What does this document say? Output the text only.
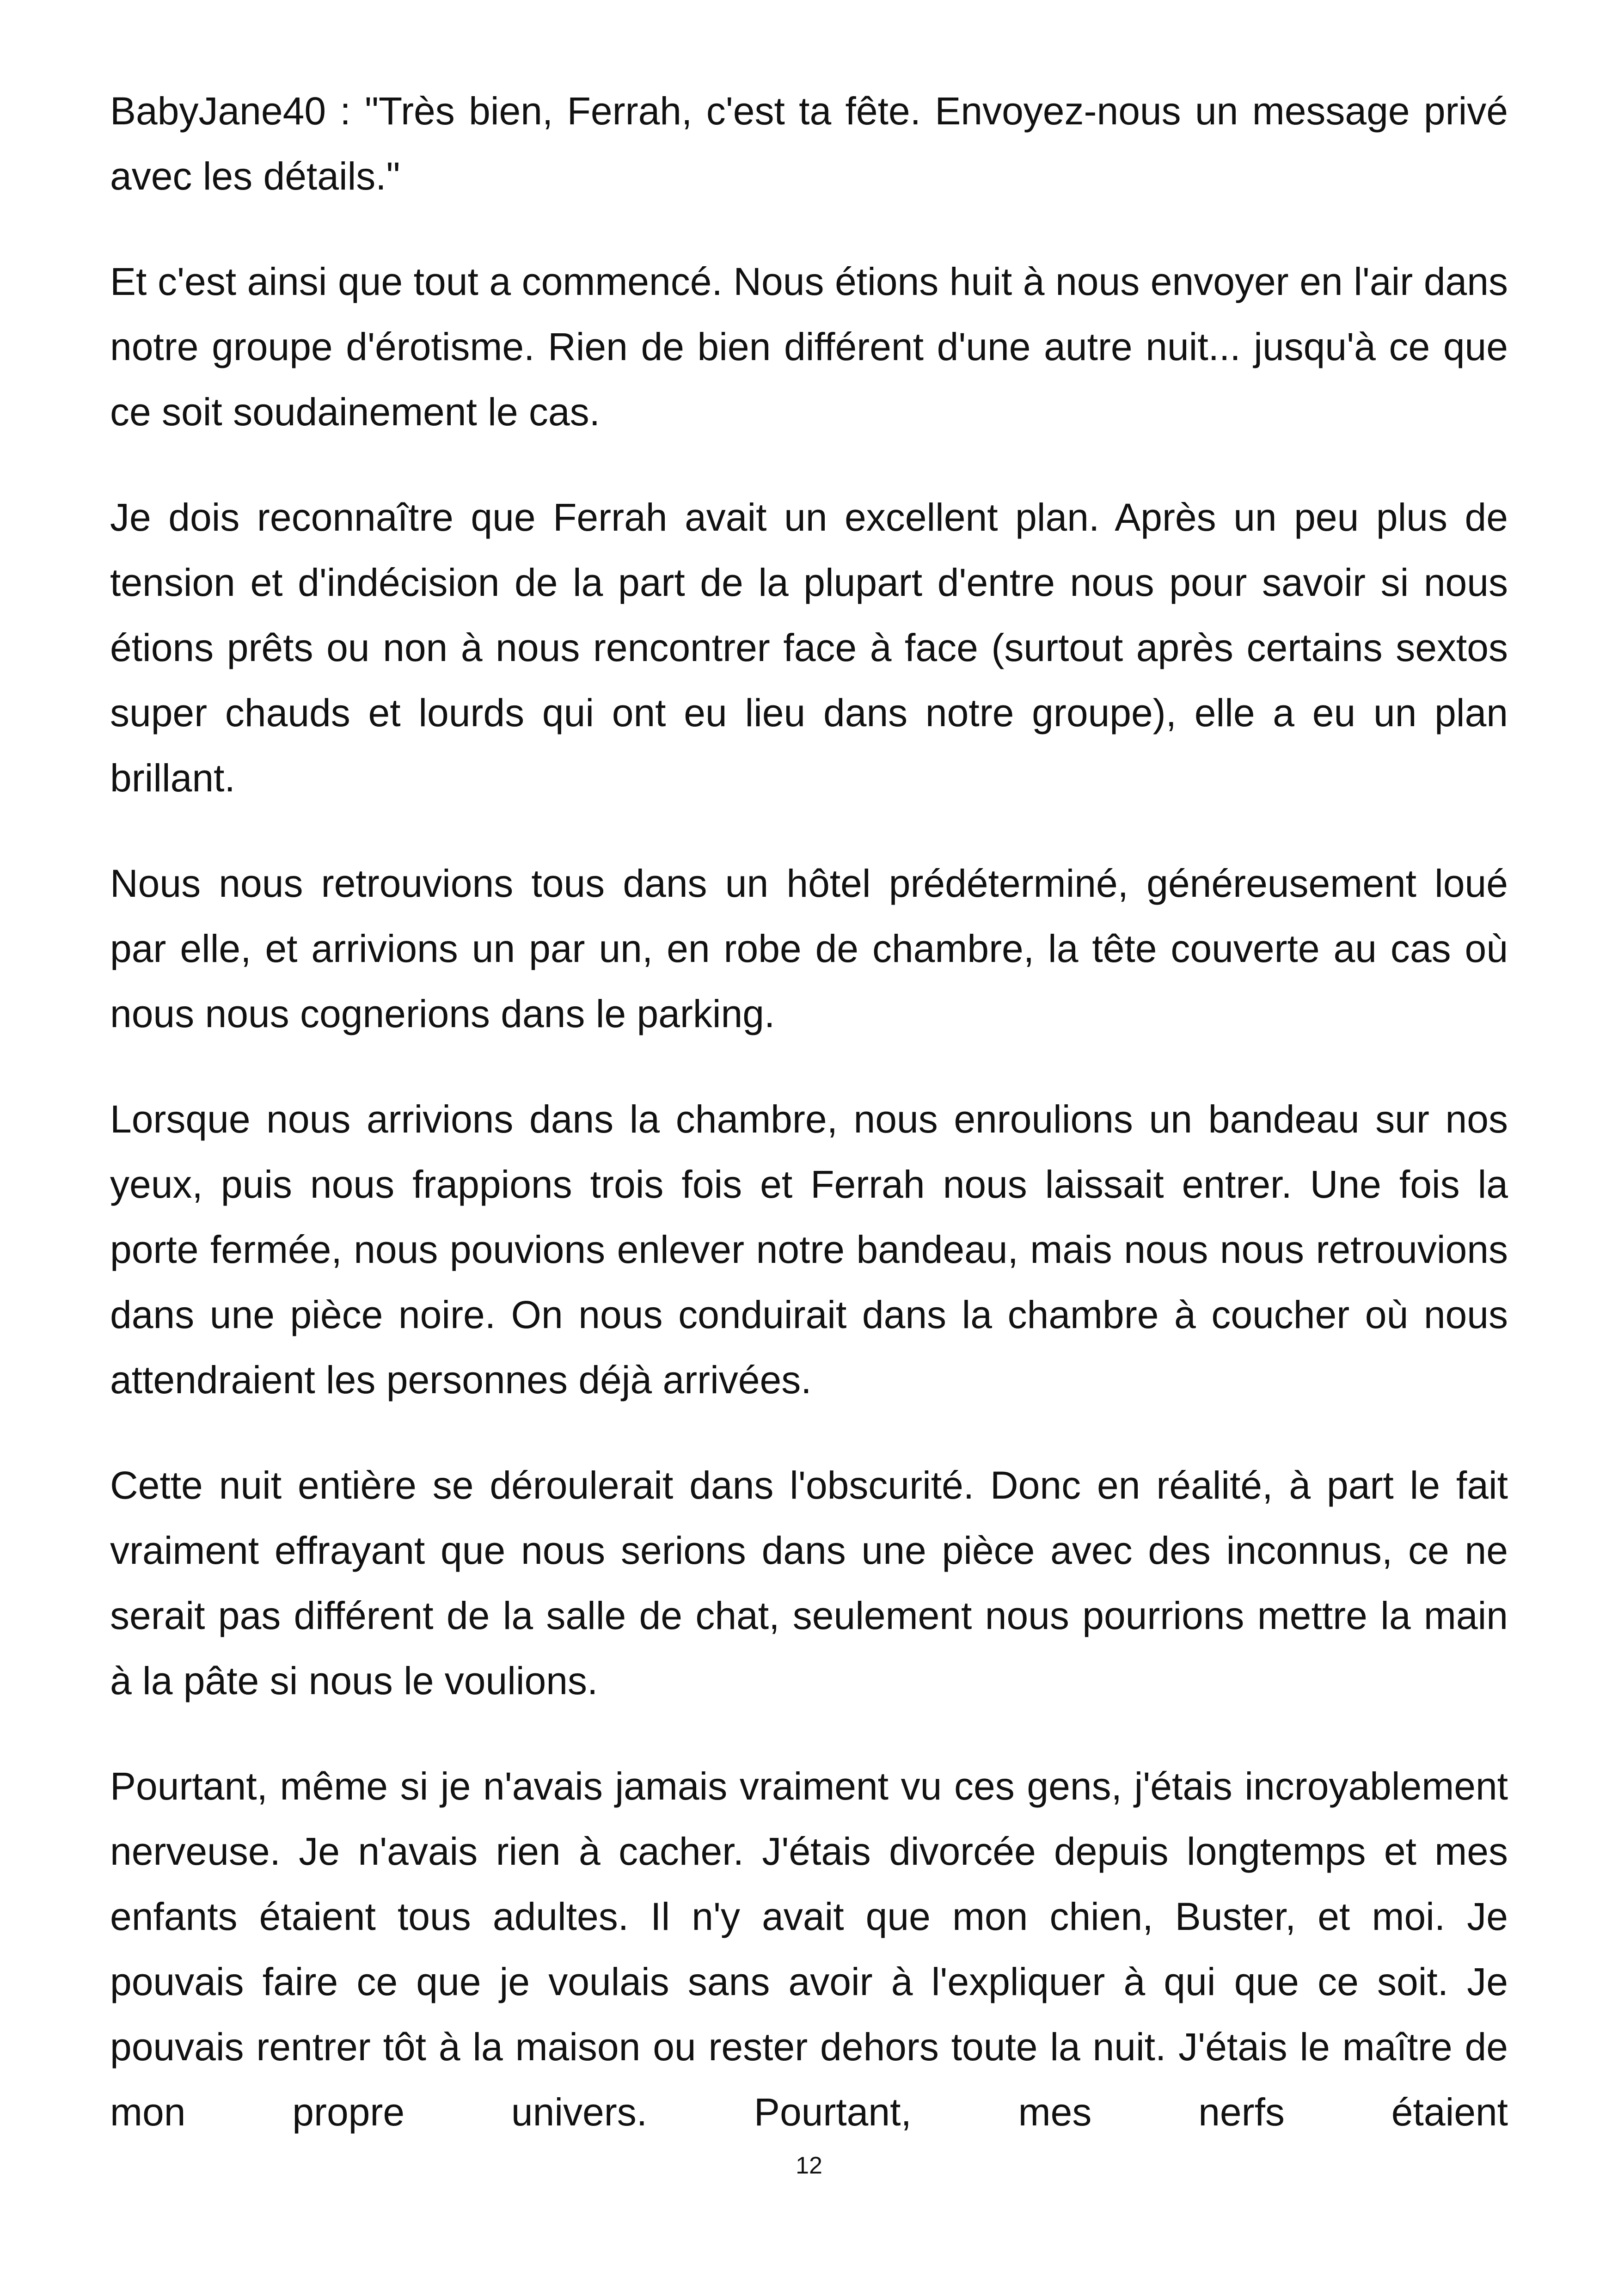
BabyJane40 : "Très bien, Ferrah, c'est ta fête. Envoyez-nous un message privé avec les détails."

Et c'est ainsi que tout a commencé. Nous étions huit à nous envoyer en l'air dans notre groupe d'érotisme. Rien de bien différent d'une autre nuit... jusqu'à ce que ce soit soudainement le cas.

Je dois reconnaître que Ferrah avait un excellent plan. Après un peu plus de tension et d'indécision de la part de la plupart d'entre nous pour savoir si nous étions prêts ou non à nous rencontrer face à face (surtout après certains sextos super chauds et lourds qui ont eu lieu dans notre groupe), elle a eu un plan brillant.

Nous nous retrouvions tous dans un hôtel prédéterminé, généreusement loué par elle, et arrivions un par un, en robe de chambre, la tête couverte au cas où nous nous cognerions dans le parking.

Lorsque nous arrivions dans la chambre, nous enroulions un bandeau sur nos yeux, puis nous frappions trois fois et Ferrah nous laissait entrer. Une fois la porte fermée, nous pouvions enlever notre bandeau, mais nous nous retrouvions dans une pièce noire. On nous conduirait dans la chambre à coucher où nous attendraient les personnes déjà arrivées.

Cette nuit entière se déroulerait dans l'obscurité. Donc en réalité, à part le fait vraiment effrayant que nous serions dans une pièce avec des inconnus, ce ne serait pas différent de la salle de chat, seulement nous pourrions mettre la main à la pâte si nous le voulions.

Pourtant, même si je n'avais jamais vraiment vu ces gens, j'étais incroyablement nerveuse. Je n'avais rien à cacher. J'étais divorcée depuis longtemps et mes enfants étaient tous adultes. Il n'y avait que mon chien, Buster, et moi. Je pouvais faire ce que je voulais sans avoir à l'expliquer à qui que ce soit. Je pouvais rentrer tôt à la maison ou rester dehors toute la nuit. J'étais le maître de mon propre univers. Pourtant, mes nerfs étaient

12
